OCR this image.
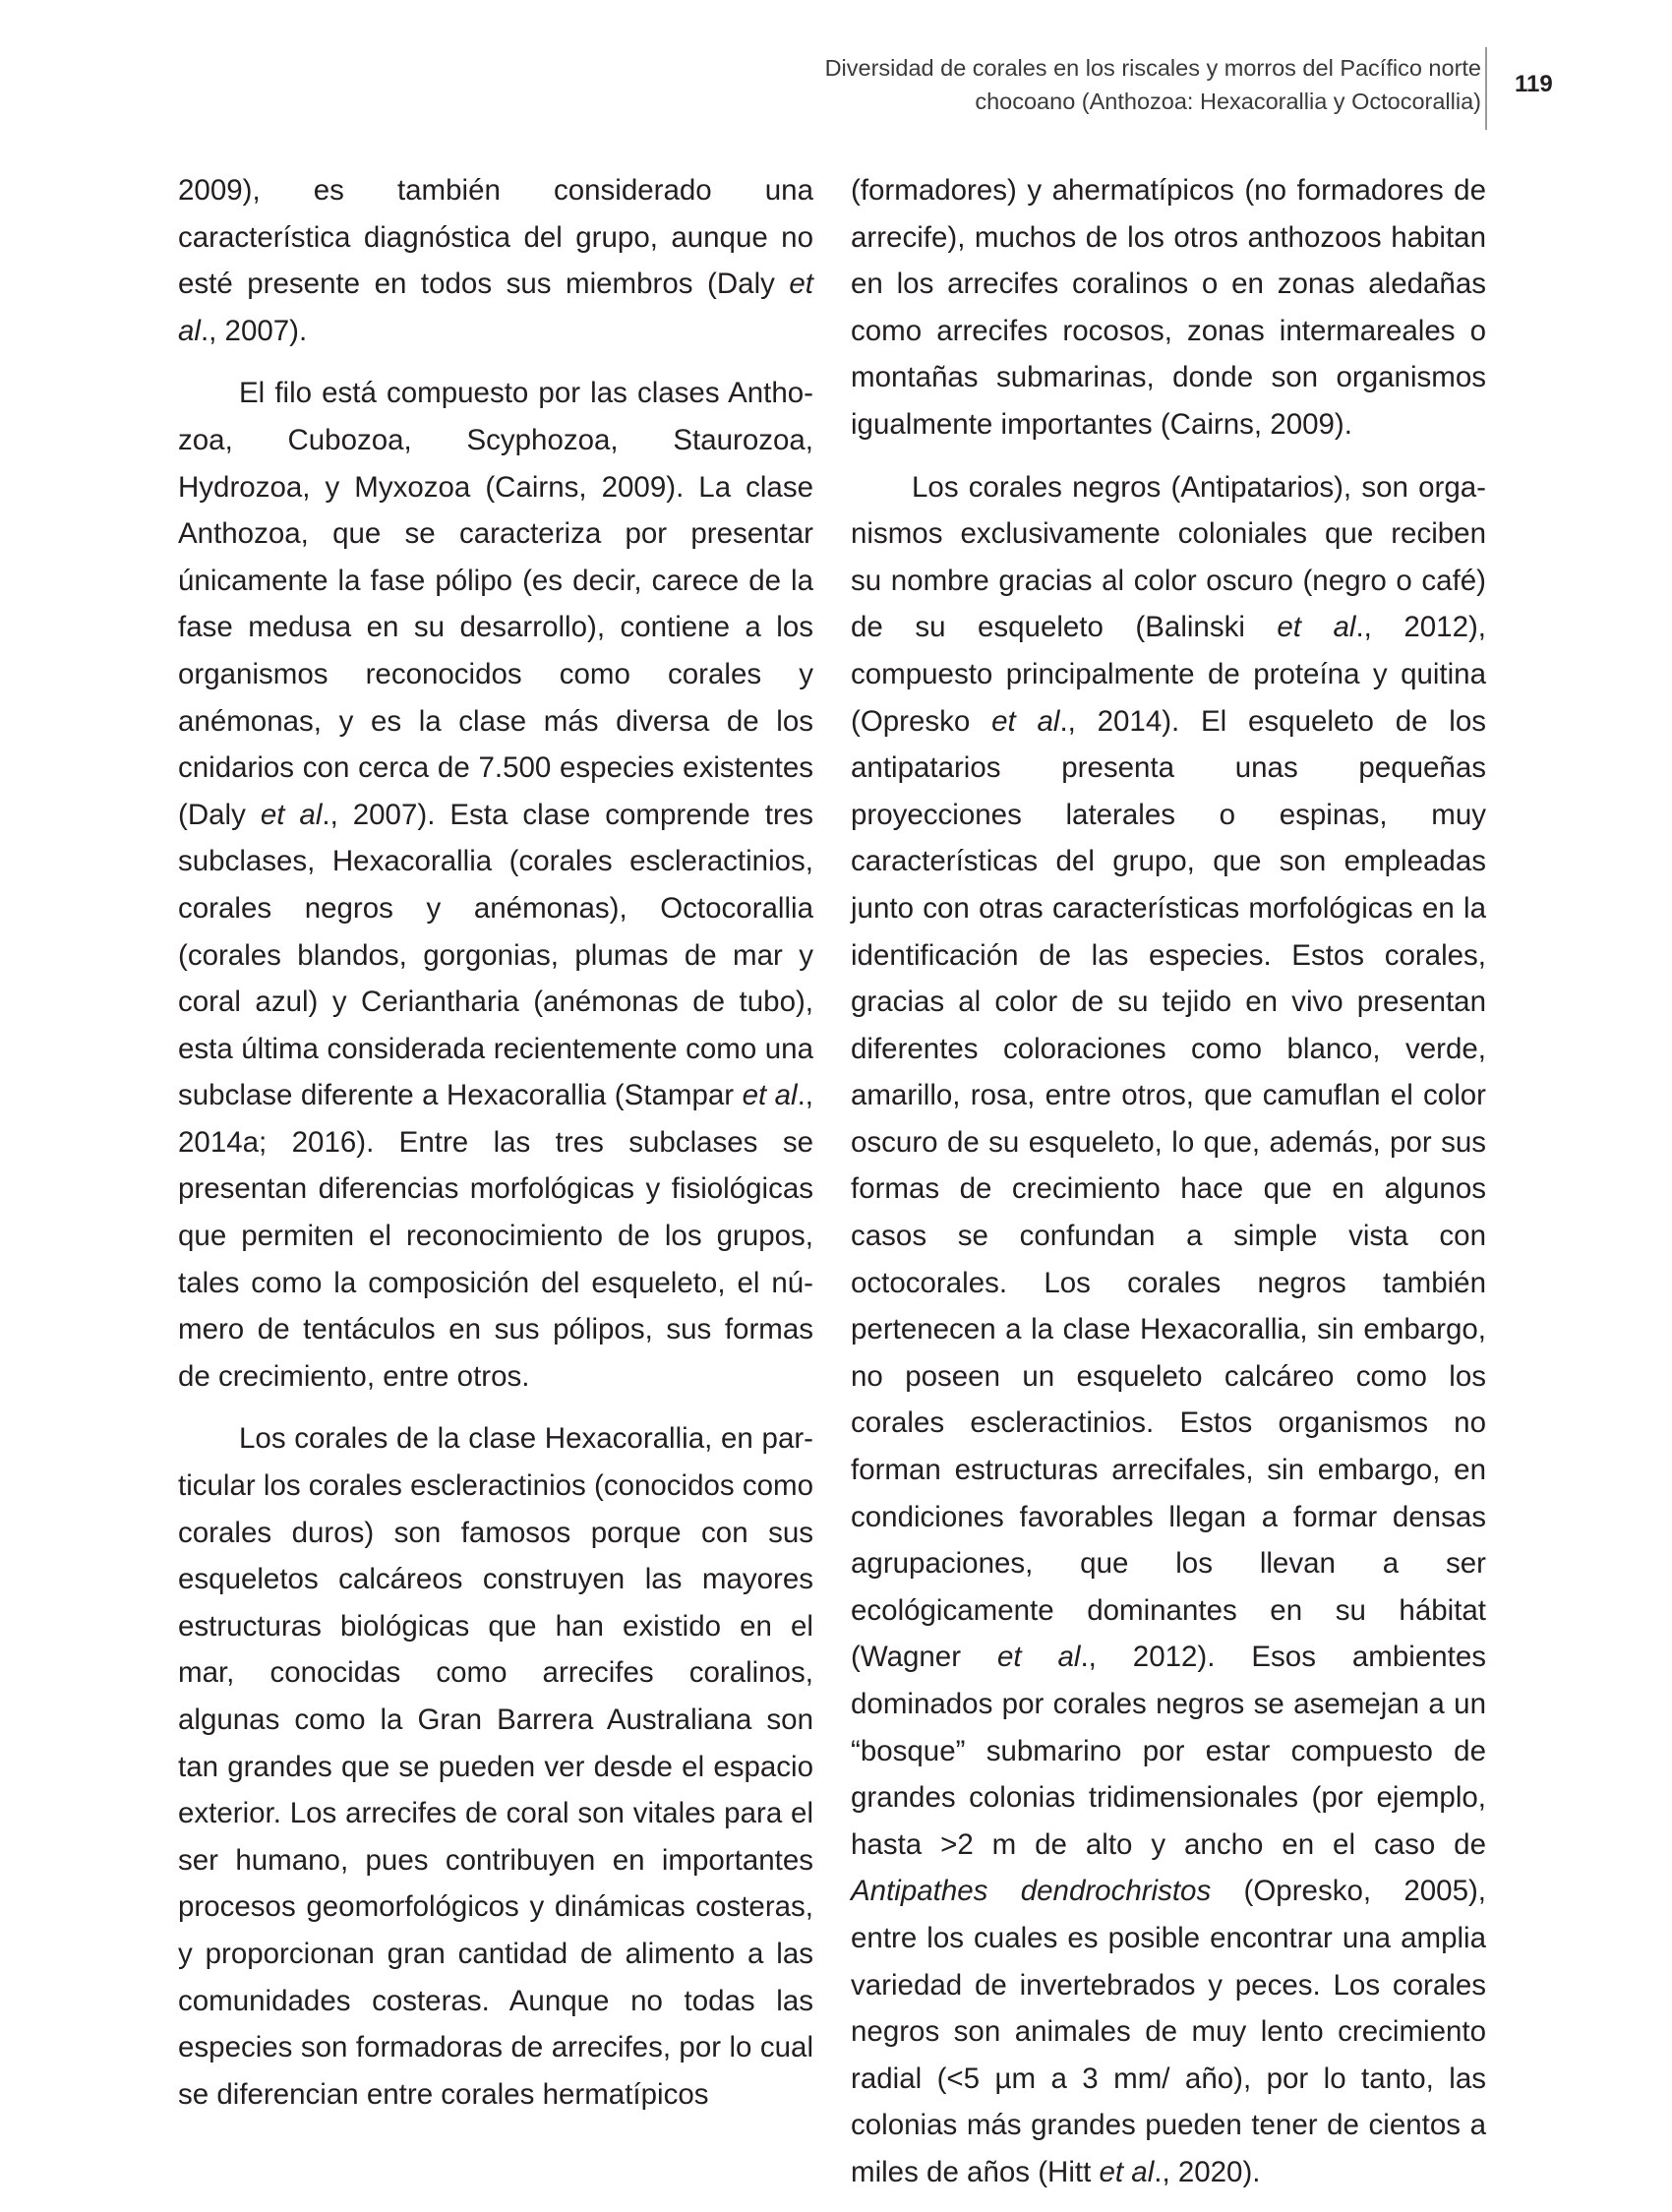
Diversidad de corales en los riscales y morros del Pacífico norte
chocoano (Anthozoa: Hexacorallia y Octocorallia)
119

2009), es también considerado una característica diagnóstica del grupo, aunque no esté presente en todos sus miembros (Daly et al., 2007).

El filo está compuesto por las clases Anthozoa, Cubozoa, Scyphozoa, Staurozoa, Hydrozoa, y Myxozoa (Cairns, 2009). La clase Anthozoa, que se caracteriza por presentar únicamente la fase pólipo (es decir, carece de la fase medusa en su desarrollo), contiene a los organismos reconocidos como corales y anémonas, y es la clase más diversa de los cnidarios con cerca de 7.500 especies existentes (Daly et al., 2007). Esta clase comprende tres subclases, Hexacorallia (corales escleractinios, corales negros y anémonas), Octocorallia (corales blandos, gorgonias, plumas de mar y coral azul) y Ceriantharia (anémonas de tubo), esta última considerada recientemente como una subclase diferente a Hexacorallia (Stampar et al., 2014a; 2016). Entre las tres subclases se presentan diferencias morfológicas y fisiológicas que permiten el reconocimiento de los grupos, tales como la composición del esqueleto, el número de tentáculos en sus pólipos, sus formas de crecimiento, entre otros.

Los corales de la clase Hexacorallia, en particular los corales escleractinios (conocidos como corales duros) son famosos porque con sus esqueletos calcáreos construyen las mayores estructuras biológicas que han existido en el mar, conocidas como arrecifes coralinos, algunas como la Gran Barrera Australiana son tan grandes que se pueden ver desde el espacio exterior. Los arrecifes de coral son vitales para el ser humano, pues contribuyen en importantes procesos geomorfológicos y dinámicas costeras, y proporcionan gran cantidad de alimento a las comunidades costeras. Aunque no todas las especies son formadoras de arrecifes, por lo cual se diferencian entre corales hermatípicos

(formadores) y ahermatípicos (no formadores de arrecife), muchos de los otros anthozoos habitan en los arrecifes coralinos o en zonas aledañas como arrecifes rocosos, zonas intermareales o montañas submarinas, donde son organismos igualmente importantes (Cairns, 2009).

Los corales negros (Antipatarios), son organismos exclusivamente coloniales que reciben su nombre gracias al color oscuro (negro o café) de su esqueleto (Balinski et al., 2012), compuesto principalmente de proteína y quitina (Opresko et al., 2014). El esqueleto de los antipatarios presenta unas pequeñas proyecciones laterales o espinas, muy características del grupo, que son empleadas junto con otras características morfológicas en la identificación de las especies. Estos corales, gracias al color de su tejido en vivo presentan diferentes coloraciones como blanco, verde, amarillo, rosa, entre otros, que camuflan el color oscuro de su esqueleto, lo que, además, por sus formas de crecimiento hace que en algunos casos se confundan a simple vista con octocorales. Los corales negros también pertenecen a la clase Hexacorallia, sin embargo, no poseen un esqueleto calcáreo como los corales escleractinios. Estos organismos no forman estructuras arrecifales, sin embargo, en condiciones favorables llegan a formar densas agrupaciones, que los llevan a ser ecológicamente dominantes en su hábitat (Wagner et al., 2012). Esos ambientes dominados por corales negros se asemejan a un “bosque” submarino por estar compuesto de grandes colonias tridimensionales (por ejemplo, hasta >2 m de alto y ancho en el caso de Antipathes dendrochristos (Opresko, 2005), entre los cuales es posible encontrar una amplia variedad de invertebrados y peces. Los corales negros son animales de muy lento crecimiento radial (<5 µm a 3 mm/ año), por lo tanto, las colonias más grandes pueden tener de cientos a miles de años (Hitt et al., 2020).
